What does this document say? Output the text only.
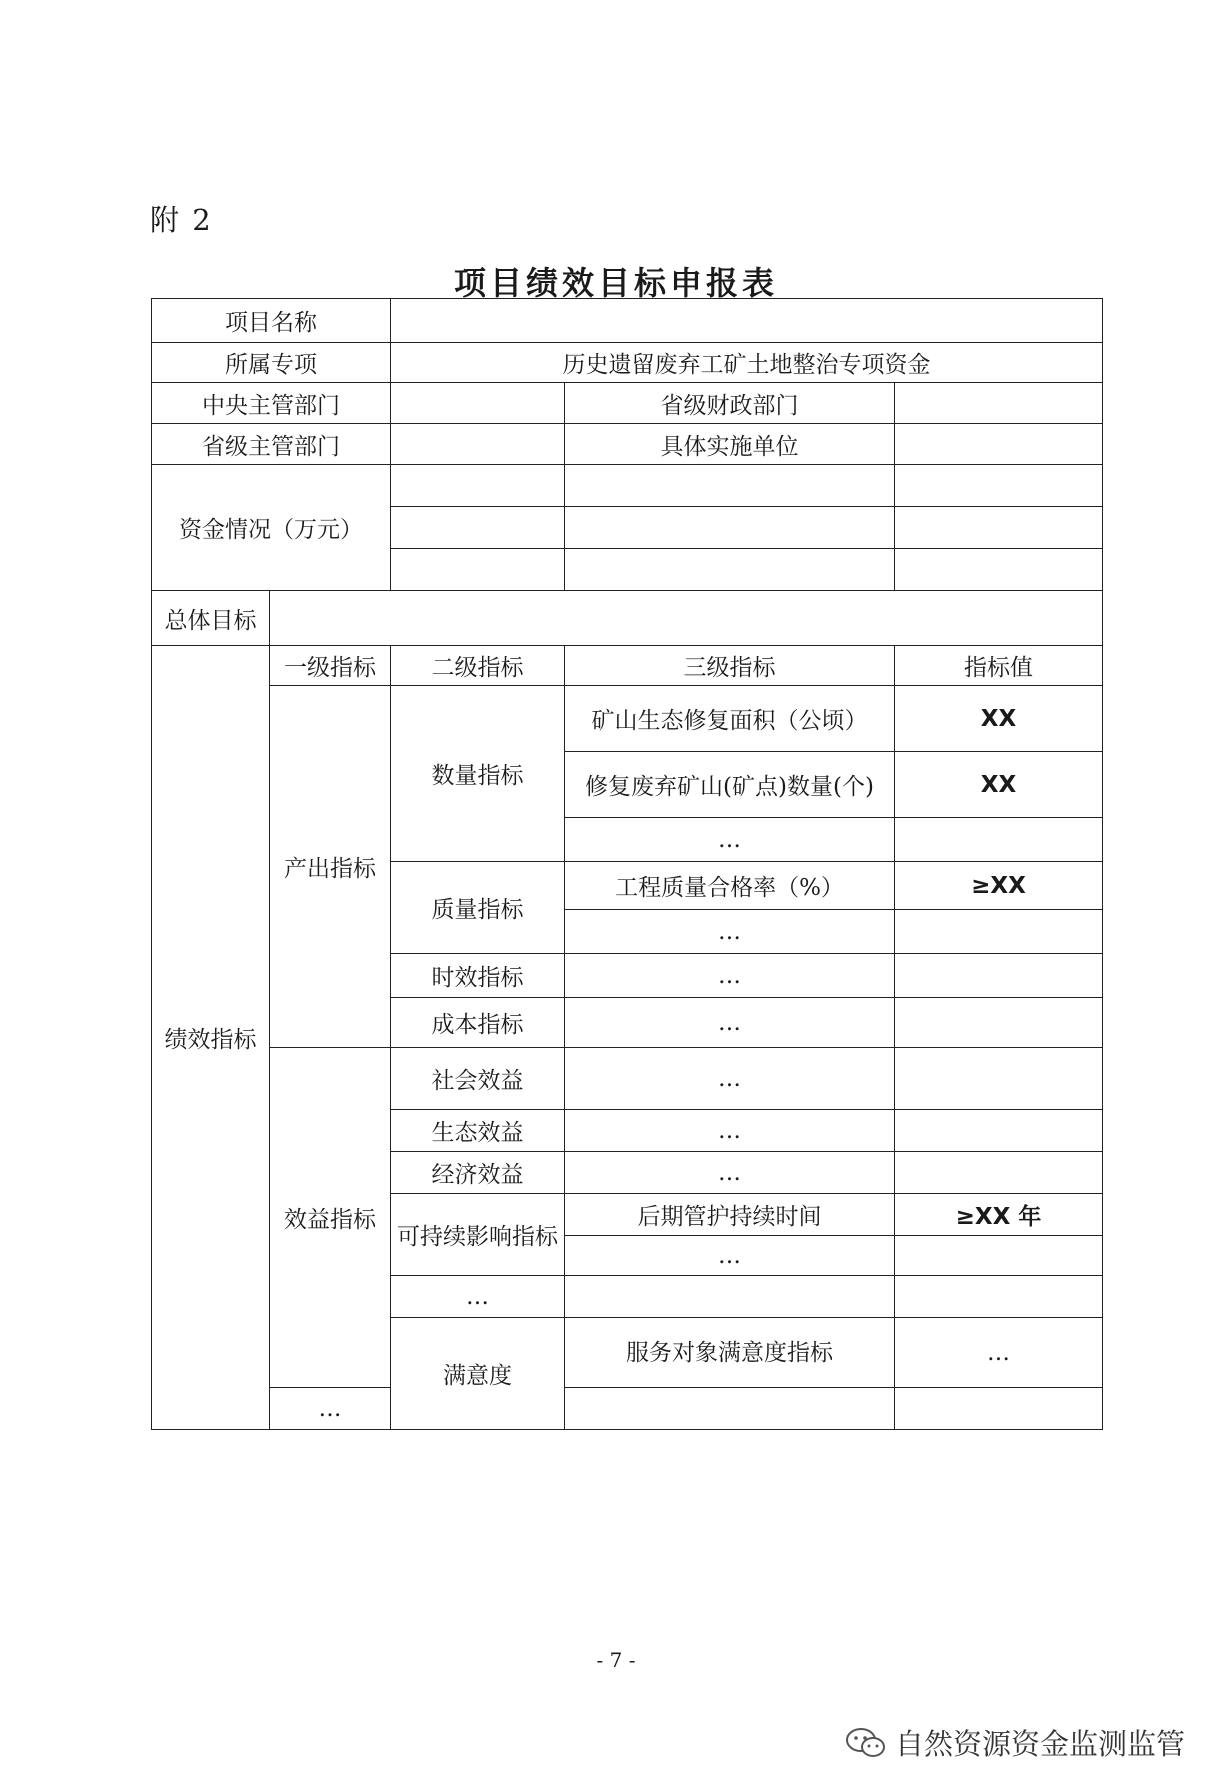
附 2
项目绩效目标申报表
项目名称					
所属专项		历史遗留废弃工矿土地整治专项资金			
中央主管部门			省级财政部门		
省级主管部门			具体实施单位		
资金情况（万元）					

总体目标					
绩效指标	一级指标	二级指标	三级指标	指标值	
	产出指标	数量指标	矿山生态修复面积（公顷）	XX	
			修复废弃矿山(矿点)数量(个)	XX	
			…		
		质量指标	工程质量合格率（%）	≥XX	
			…		
		时效指标	…		
		成本指标	…		
	效益指标	社会效益	…		
		生态效益	…		
		经济效益	…		
		可持续影响指标	后期管护持续时间	≥XX 年	
			…		
		…			
		满意度	服务对象满意度指标	…	
	…				
- 7 -
自然资源资金监测监管
